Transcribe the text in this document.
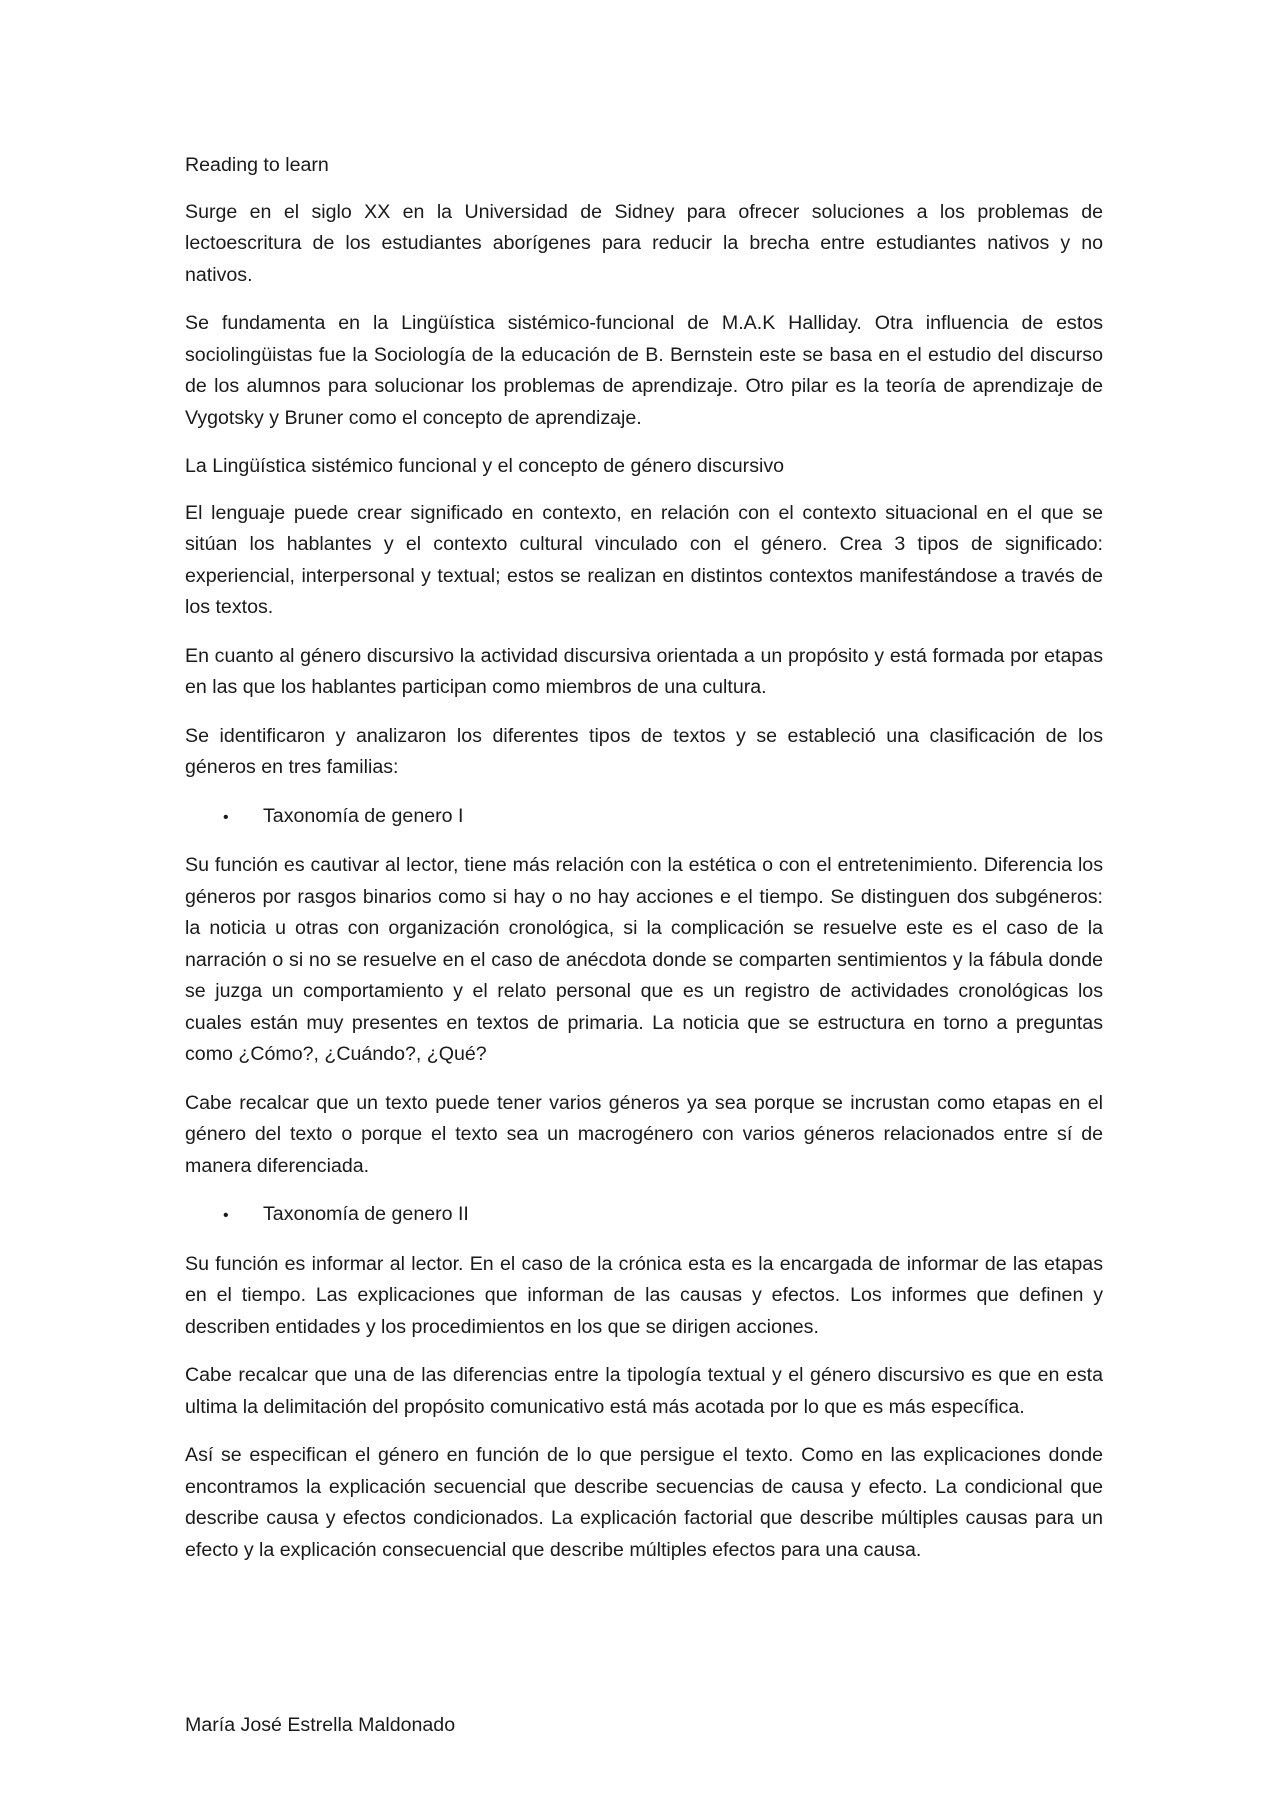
Reading to learn

Surge en el siglo XX en la Universidad de Sidney para ofrecer soluciones a los problemas de lectoescritura de los estudiantes aborígenes para reducir la brecha entre estudiantes nativos y no nativos.

Se fundamenta en la Lingüística sistémico-funcional de M.A.K Halliday. Otra influencia de estos sociolingüistas fue la Sociología de la educación de B. Bernstein este se basa en el estudio del discurso de los alumnos para solucionar los problemas de aprendizaje. Otro pilar es la teoría de aprendizaje de Vygotsky y Bruner como el concepto de aprendizaje.

La Lingüística sistémico funcional y el concepto de género discursivo

El lenguaje puede crear significado en contexto, en relación con el contexto situacional en el que se sitúan los hablantes y el contexto cultural vinculado con el género. Crea 3 tipos de significado: experiencial, interpersonal y textual; estos se realizan en distintos contextos manifestándose a través de los textos.

En cuanto al género discursivo la actividad discursiva orientada a un propósito y está formada por etapas en las que los hablantes participan como miembros de una cultura.

Se identificaron y analizaron los diferentes tipos de textos y se estableció una clasificación de los géneros en tres familias:

•	Taxonomía de genero I

Su función es cautivar al lector, tiene más relación con la estética o con el entretenimiento. Diferencia los géneros por rasgos binarios como si hay o no hay acciones e el tiempo. Se distinguen dos subgéneros: la noticia u otras con organización cronológica, si la complicación se resuelve este es el caso de la narración o si no se resuelve en el caso de anécdota donde se comparten sentimientos y la fábula donde se juzga un comportamiento y el relato personal que es un registro de actividades cronológicas los cuales están muy presentes en textos de primaria. La noticia que se estructura en torno a preguntas como ¿Cómo?, ¿Cuándo?, ¿Qué?

Cabe recalcar que un texto puede tener varios géneros ya sea porque se incrustan como etapas en el género del texto o porque el texto sea un macrogénero con varios géneros relacionados entre sí de manera diferenciada.

•	Taxonomía de genero II

Su función es informar al lector. En el caso de la crónica esta es la encargada de informar de las etapas en el tiempo. Las explicaciones que informan de las causas y efectos. Los informes que definen y describen entidades y los procedimientos en los que se dirigen acciones.

Cabe recalcar que una de las diferencias entre la tipología textual y el género discursivo es que en esta ultima la delimitación del propósito comunicativo está más acotada por lo que es más específica.

Así se especifican el género en función de lo que persigue el texto. Como en las explicaciones donde encontramos la explicación secuencial que describe secuencias de causa y efecto. La condicional que describe causa y efectos condicionados. La explicación factorial que describe múltiples causas para un efecto y la explicación consecuencial que describe múltiples efectos para una causa.

María José Estrella Maldonado
